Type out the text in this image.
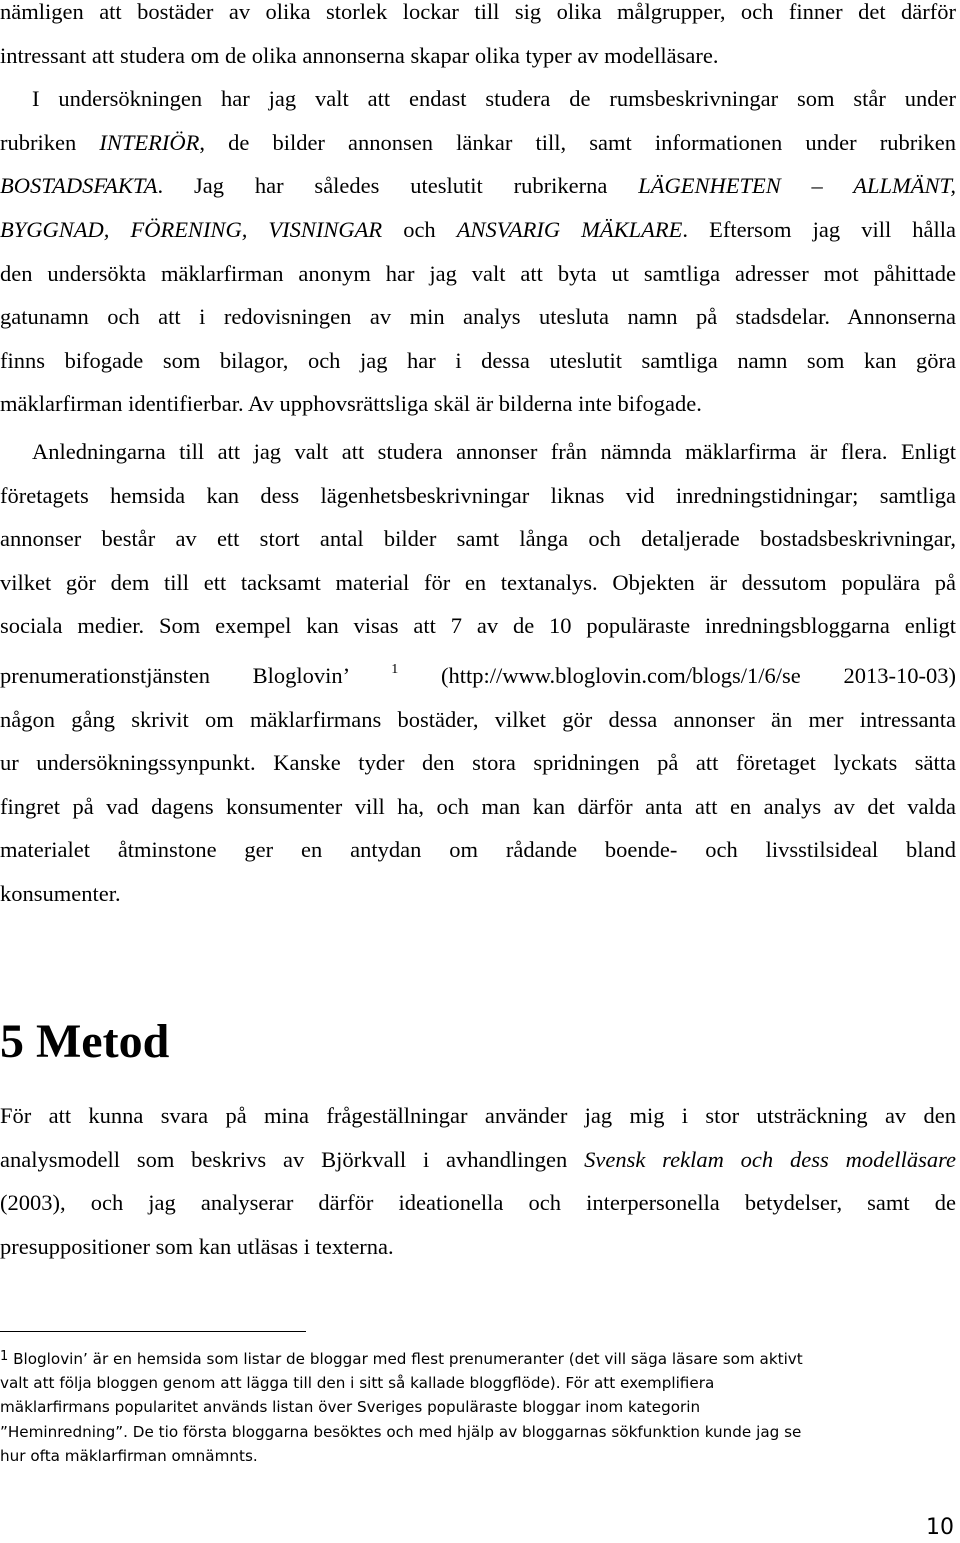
nämligen att bostäder av olika storlek lockar till sig olika målgrupper, och finner det därför
intressant att studera om de olika annonserna skapar olika typer av modelläsare.
I undersökningen har jag valt att endast studera de rumsbeskrivningar som står under
rubriken INTERIÖR, de bilder annonsen länkar till, samt informationen under rubriken
BOSTADSFAKTA. Jag har således uteslutit rubrikerna LÄGENHETEN – ALLMÄNT,
BYGGNAD, FÖRENING, VISNINGAR och ANSVARIG MÄKLARE. Eftersom jag vill hålla
den undersökta mäklarfirman anonym har jag valt att byta ut samtliga adresser mot påhittade
gatunamn och att i redovisningen av min analys utesluta namn på stadsdelar. Annonserna
finns bifogade som bilagor, och jag har i dessa uteslutit samtliga namn som kan göra
mäklarfirman identifierbar. Av upphovsrättsliga skäl är bilderna inte bifogade.
Anledningarna till att jag valt att studera annonser från nämnda mäklarfirma är flera. Enligt
företagets hemsida kan dess lägenhetsbeskrivningar liknas vid inredningstidningar; samtliga
annonser består av ett stort antal bilder samt långa och detaljerade bostadsbeskrivningar,
vilket gör dem till ett tacksamt material för en textanalys. Objekten är dessutom populära på
sociala medier. Som exempel kan visas att 7 av de 10 populäraste inredningsbloggarna enligt
prenumerationstjänsten Bloglovin’	$^1$ (http://www.bloglovin.com/blogs/1/6/se 2013-10-03)
någon gång skrivit om mäklarfirmans bostäder, vilket gör dessa annonser än mer intressanta
ur undersökningssynpunkt. Kanske tyder den stora spridningen på att företaget lyckats sätta
fingret på vad dagens konsumenter vill ha, och man kan därför anta att en analys av det valda
materialet åtminstone ger en antydan om rådande boende- och livsstilsideal bland
konsumenter.
5 Metod
För att kunna svara på mina frågeställningar använder jag mig i stor utsträckning av den
analysmodell som beskrivs av Björkvall i avhandlingen Svensk reklam och dess modelläsare
(2003), och jag analyserar därför ideationella och interpersonella betydelser, samt de
presuppositioner som kan utläsas i texterna.
$^1$ Bloglovin’ är en hemsida som listar de bloggar med flest prenumeranter (det vill säga läsare som aktivt
valt att följa bloggen genom att lägga till den i sitt så kallade bloggflöde). För att exemplifiera
mäklarfirmans popularitet används listan över Sveriges populäraste bloggar inom kategorin
”Heminredning”. De tio första bloggarna besöktes och med hjälp av bloggarnas sökfunktion kunde jag se
hur ofta mäklarfirman omnämnts.
10
